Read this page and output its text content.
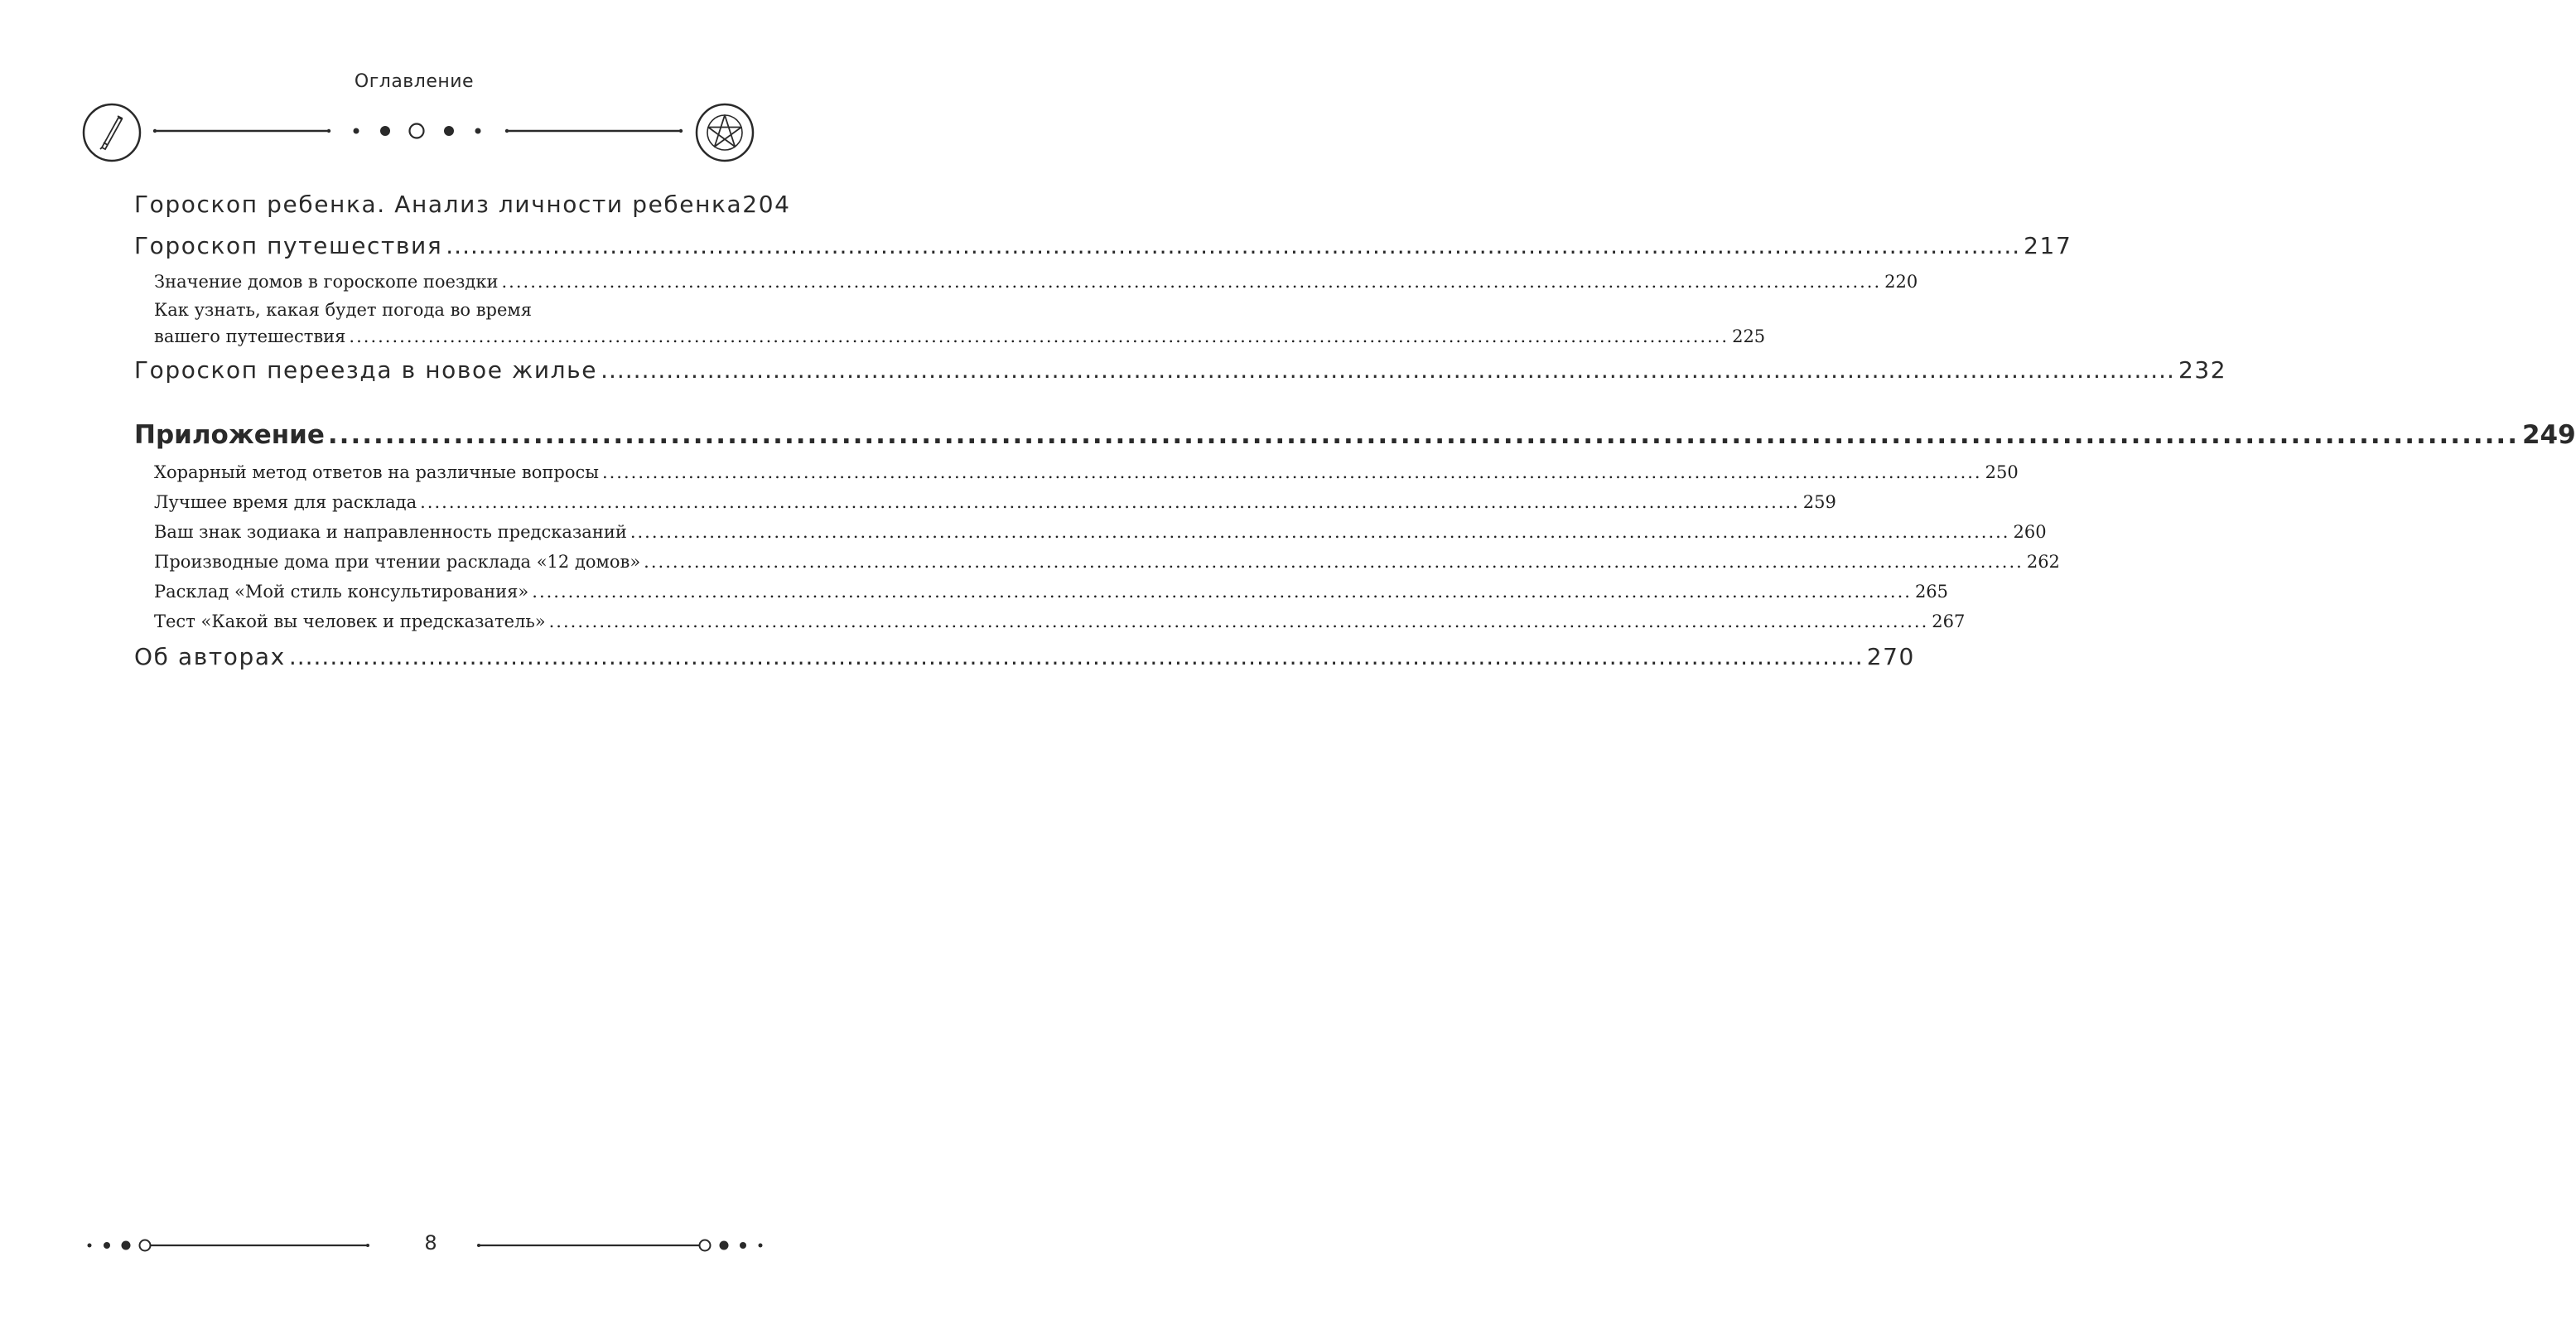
Оглавление
Гороскоп ребенка. Анализ личности ребенка 204
Гороскоп путешествия .....	217
Значение домов в гороскопе поездки .....	220
Как узнать, какая будет погода во время
вашего путешествия .....	225
Гороскоп переезда в новое жилье .....	232
Приложение .....	249
Хорарный метод ответов на различные вопросы .....	250
Лучшее время для расклада .....	259
Ваш знак зодиака и направленность предсказаний .....	260
Производные дома при чтении расклада «12 домов» .....	262
Расклад «Мой стиль консультирования» .....	265
Тест «Какой вы человек и предсказатель» .....	267
Об авторах .....	270
8
